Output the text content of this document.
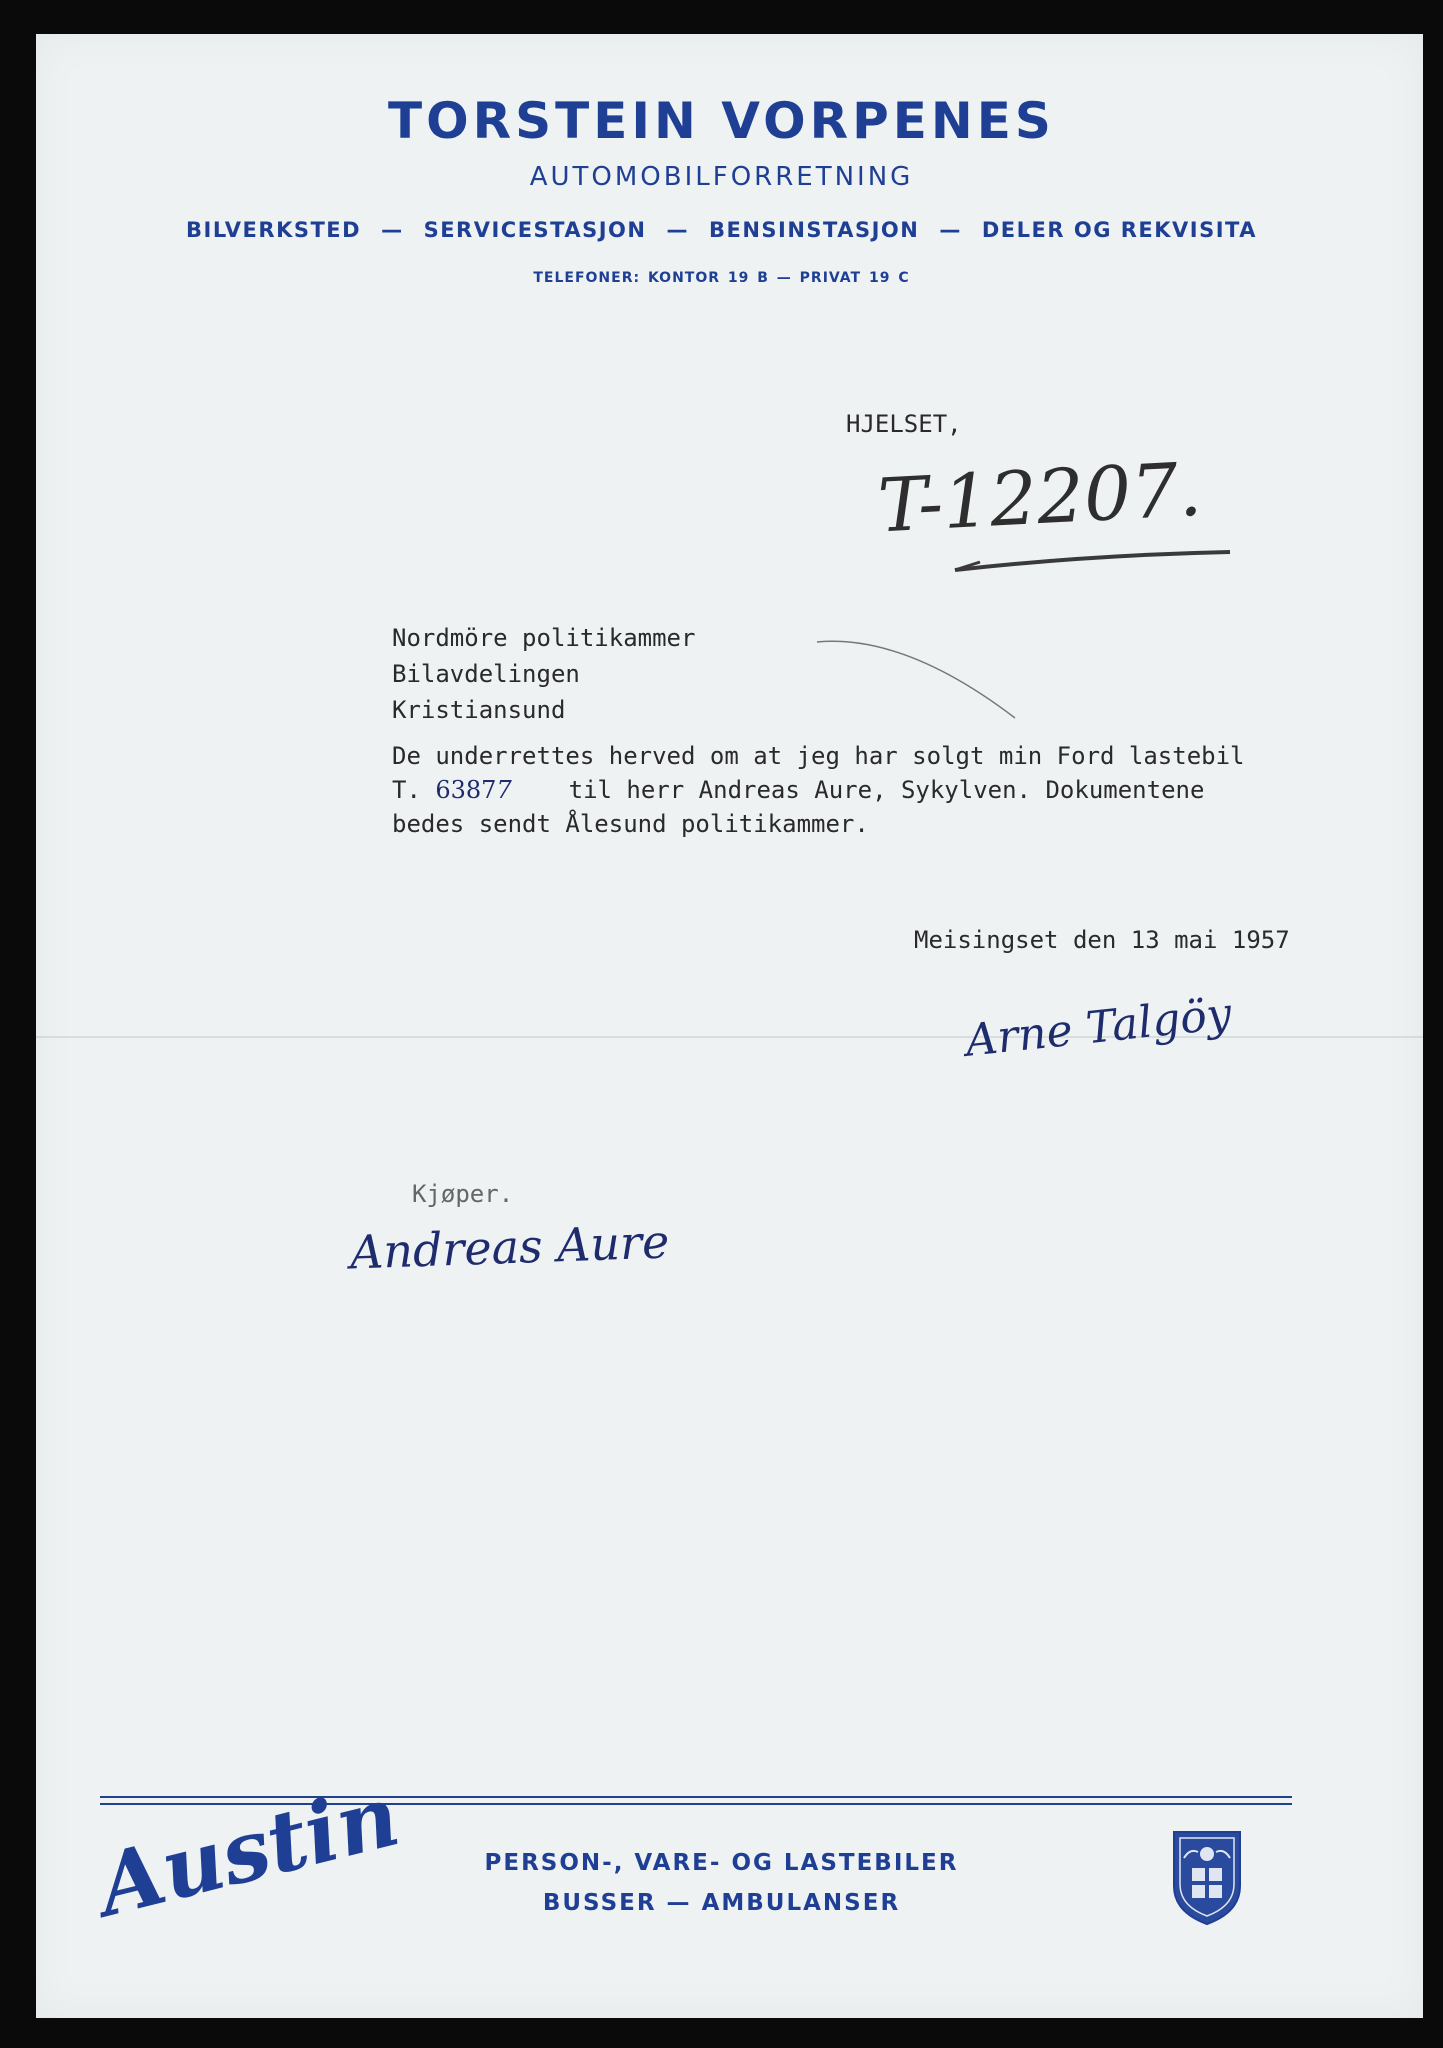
TORSTEIN VORPENES
AUTOMOBILFORRETNING
BILVERKSTED — SERVICESTASJON — BENSINSTASJON — DELER OG REKVISITA
TELEFONER: KONTOR 19 B — PRIVAT 19 C
HJELSET,
T-12207.
Nordmöre politikammer
Bilavdelingen
Kristiansund
De underrettes herved om at jeg har solgt min Ford lastebil
T. 63877 til herr Andreas Aure, Sykylven. Dokumentene
bedes sendt Ålesund politikammer.
Meisingset den 13 mai 1957
Arne Talgöy
Kjøper.
Andreas Aure
Austin	PERSON-, VARE- OG LASTEBILER
BUSSER — AMBULANSER
